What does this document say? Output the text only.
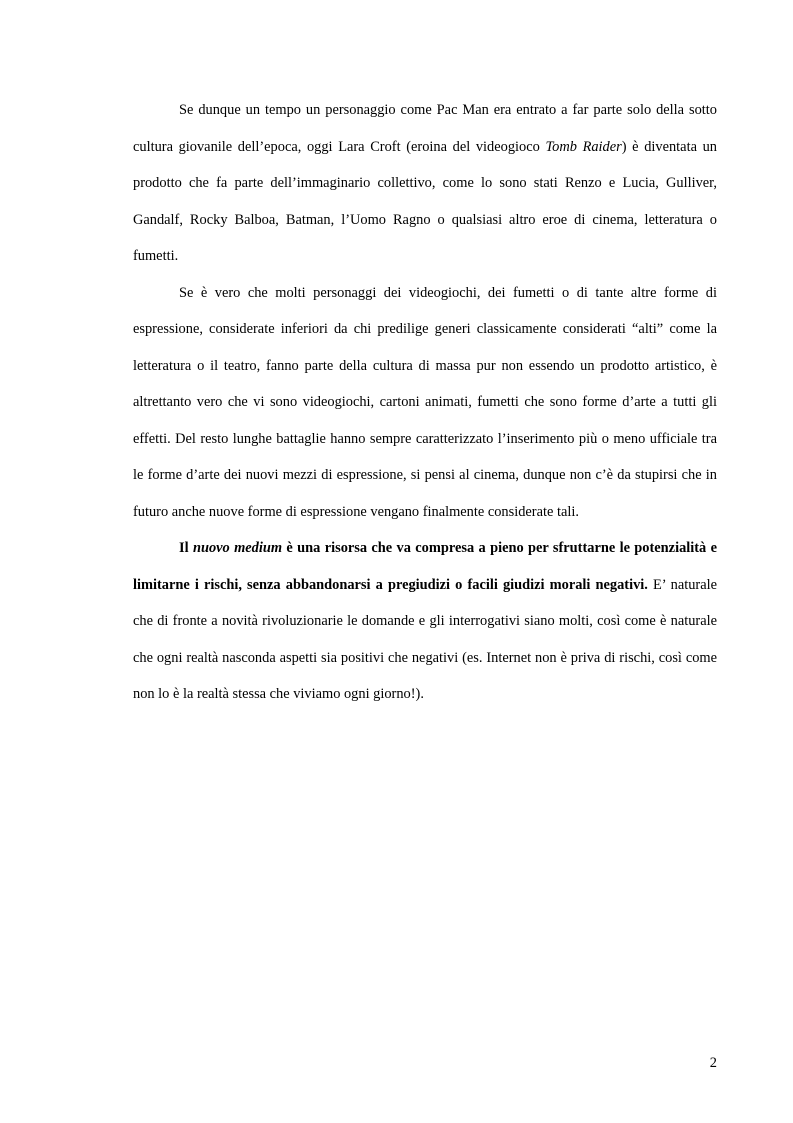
Se dunque un tempo un personaggio come Pac Man era entrato a far parte solo della sotto cultura giovanile dell’epoca, oggi Lara Croft (eroina del videogioco Tomb Raider) è diventata un prodotto che fa parte dell’immaginario collettivo, come lo sono stati Renzo e Lucia, Gulliver, Gandalf, Rocky Balboa, Batman, l’Uomo Ragno o qualsiasi altro eroe di cinema, letteratura o fumetti.

Se è vero che molti personaggi dei videogiochi, dei fumetti o di tante altre forme di espressione, considerate inferiori da chi predilige generi classicamente considerati “alti” come la letteratura o il teatro, fanno parte della cultura di massa pur non essendo un prodotto artistico, è altrettanto vero che vi sono videogiochi, cartoni animati, fumetti che sono forme d’arte a tutti gli effetti. Del resto lunghe battaglie hanno sempre caratterizzato l’inserimento più o meno ufficiale tra le forme d’arte dei nuovi mezzi di espressione, si pensi al cinema, dunque non c’è da stupirsi che in futuro anche nuove forme di espressione vengano finalmente considerate tali.

Il nuovo medium è una risorsa che va compresa a pieno per sfruttarne le potenzialità e limitarne i rischi, senza abbandonarsi a pregiudizi o facili giudizi morali negativi. E’ naturale che di fronte a novità rivoluzionarie le domande e gli interrogativi siano molti, così come è naturale che ogni realtà nasconda aspetti sia positivi che negativi (es. Internet non è priva di rischi, così come non lo è la realtà stessa che viviamo ogni giorno!).

2
